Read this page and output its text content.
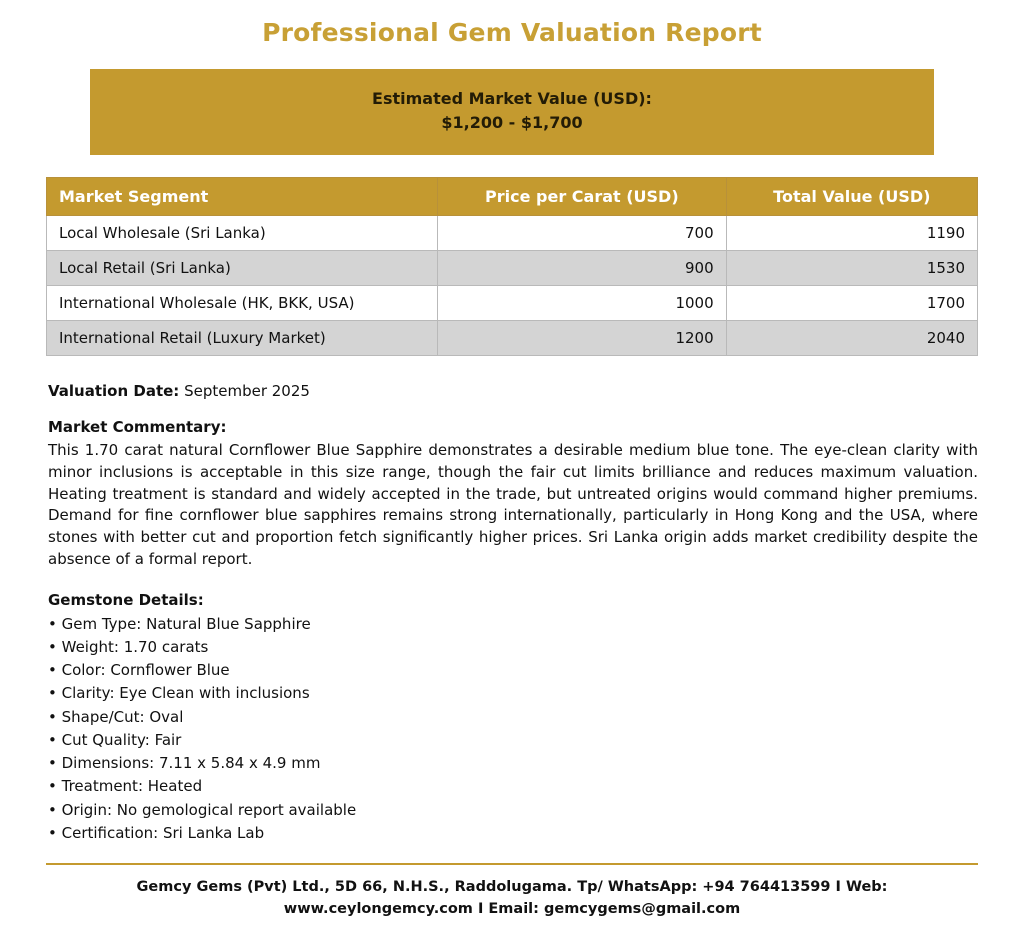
Professional Gem Valuation Report
Estimated Market Value (USD):
$1,200 - $1,700
Market Segment	Price per Carat (USD)	Total Value (USD)
Local Wholesale (Sri Lanka)	700	1190
Local Retail (Sri Lanka)	900	1530
International Wholesale (HK, BKK, USA)	1000	1700
International Retail (Luxury Market)	1200	2040
Valuation Date: September 2025
Market Commentary:
This 1.70 carat natural Cornflower Blue Sapphire demonstrates a desirable medium blue tone. The eye-clean clarity with minor inclusions is acceptable in this size range, though the fair cut limits brilliance and reduces maximum valuation. Heating treatment is standard and widely accepted in the trade, but untreated origins would command higher premiums. Demand for fine cornflower blue sapphires remains strong internationally, particularly in Hong Kong and the USA, where stones with better cut and proportion fetch significantly higher prices. Sri Lanka origin adds market credibility despite the absence of a formal report.
Gemstone Details:
• Gem Type: Natural Blue Sapphire
• Weight: 1.70 carats
• Color: Cornflower Blue
• Clarity: Eye Clean with inclusions
• Shape/Cut: Oval
• Cut Quality: Fair
• Dimensions: 7.11 x 5.84 x 4.9 mm
• Treatment: Heated
• Origin: No gemological report available
• Certification: Sri Lanka Lab
Gemcy Gems (Pvt) Ltd., 5D 66, N.H.S., Raddolugama. Tp/ WhatsApp: +94 764413599 I Web:
www.ceylongemcy.com I Email: gemcygems@gmail.com
